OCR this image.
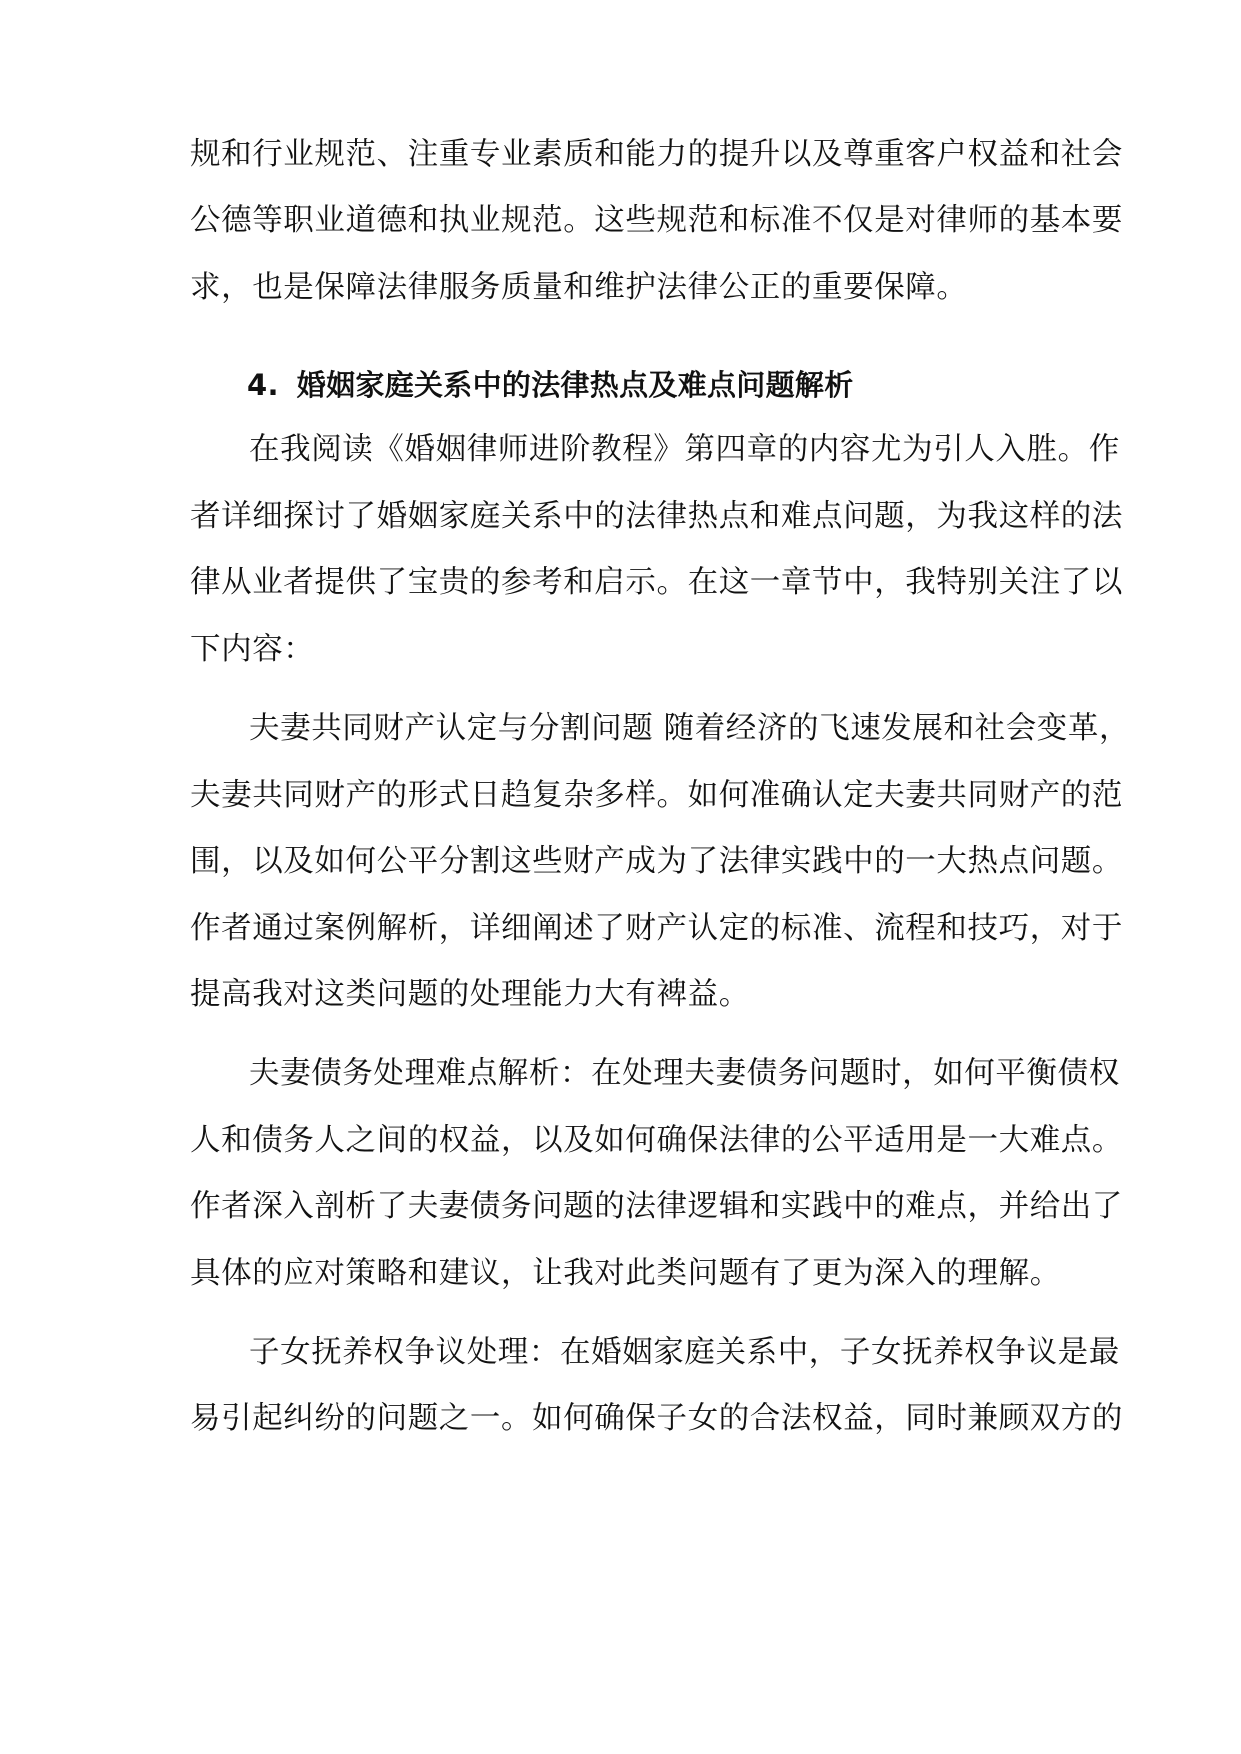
规和行业规范、注重专业素质和能力的提升以及尊重客户权益和社会

公德等职业道德和执业规范。这些规范和标准不仅是对律师的基本要

求，也是保障法律服务质量和维护法律公正的重要保障。

4. 婚姻家庭关系中的法律热点及难点问题解析

在我阅读《婚姻律师进阶教程》第四章的内容尤为引人入胜。作

者详细探讨了婚姻家庭关系中的法律热点和难点问题，为我这样的法

律从业者提供了宝贵的参考和启示。在这一章节中，我特别关注了以

下内容：

夫妻共同财产认定与分割问题 随着经济的飞速发展和社会变革，

夫妻共同财产的形式日趋复杂多样。如何准确认定夫妻共同财产的范

围，以及如何公平分割这些财产成为了法律实践中的一大热点问题。

作者通过案例解析，详细阐述了财产认定的标准、流程和技巧，对于

提高我对这类问题的处理能力大有裨益。

夫妻债务处理难点解析：在处理夫妻债务问题时，如何平衡债权

人和债务人之间的权益，以及如何确保法律的公平适用是一大难点。

作者深入剖析了夫妻债务问题的法律逻辑和实践中的难点，并给出了

具体的应对策略和建议，让我对此类问题有了更为深入的理解。

子女抚养权争议处理：在婚姻家庭关系中，子女抚养权争议是最

易引起纠纷的问题之一。如何确保子女的合法权益，同时兼顾双方的
